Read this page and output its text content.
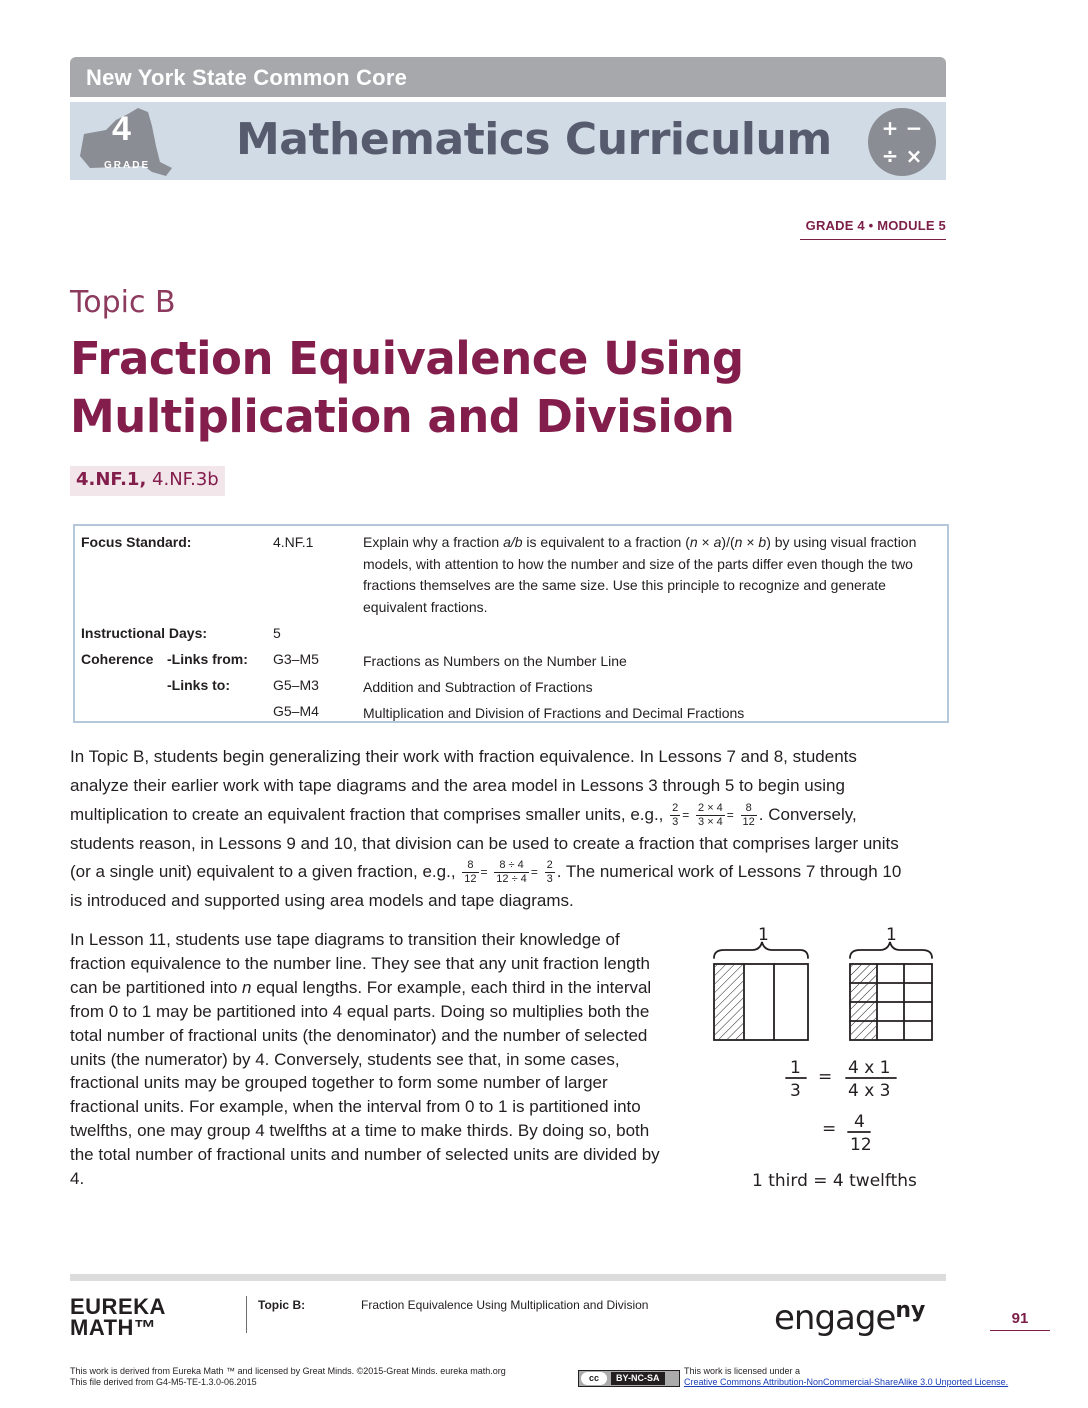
New York State Common Core
4
GRADE
Mathematics Curriculum + −
÷ ×
GRADE 4 • MODULE 5
Topic B
Fraction Equivalence Using
Multiplication and Division
4.NF.1, 4.NF.3b
Focus Standard:	4.NF.1	Explain why a fraction a/b is equivalent to a fraction (n × a)/(n × b) by using visual fraction models, with attention to how the number and size of the parts differ even though the two fractions themselves are the same size. Use this principle to recognize and generate equivalent fractions.
Instructional Days:	5
Coherence -Links from: G3–M5	Fractions as Numbers on the Number Line
-Links to:	G5–M3	Addition and Subtraction of Fractions
G5–M4	Multiplication and Division of Fractions and Decimal Fractions
In Topic B, students begin generalizing their work with fraction equivalence. In Lessons 7 and 8, students
analyze their earlier work with tape diagrams and the area model in Lessons 3 through 5 to begin using
multiplication to create an equivalent fraction that comprises smaller units, e.g., $\frac{2}{3} = \frac{2 \times 4}{3 \times 4} = \frac{8}{12}$ . Conversely,
students reason, in Lessons 9 and 10, that division can be used to create a fraction that comprises larger units
(or a single unit) equivalent to a given fraction, e.g., $\frac{8}{12} = \frac{8 \div 4}{12 \div 4} = \frac{2}{3}$ . The numerical work of Lessons 7 through 10
is introduced and supported using area models and tape diagrams.
In Lesson 11, students use tape diagrams to transition their knowledge of fraction equivalence to the number line. They see that any unit fraction length can be partitioned into n equal lengths. For example, each third in the interval from 0 to 1 may be partitioned into 4 equal parts. Doing so multiplies both the total number of fractional units (the denominator) and the number of selected units (the numerator) by 4. Conversely, students see that, in some cases, fractional units may be grouped together to form some number of larger fractional units. For example, when the interval from 0 to 1 is partitioned into twelfths, one may group 4 twelfths at a time to make thirds. By doing so, both the total number of fractional units and number of selected units are divided by 4.
1	1
1
3
= 4 x 1
4 x 3
= 4
12
1 third = 4 twelfths
EUREKA
MATH™
Topic B:	Fraction Equivalence Using Multiplication and Division	engage$^{ny}$	91
This work is derived from Eureka Math ™ and licensed by Great Minds. ©2015-Great Minds. eureka math.org
This file derived from G4-M5-TE-1.3.0-06.2015	cc	BY-NC-SA
This work is licensed under a
Creative Commons Attribution-NonCommercial-ShareAlike 3.0 Unported License.
